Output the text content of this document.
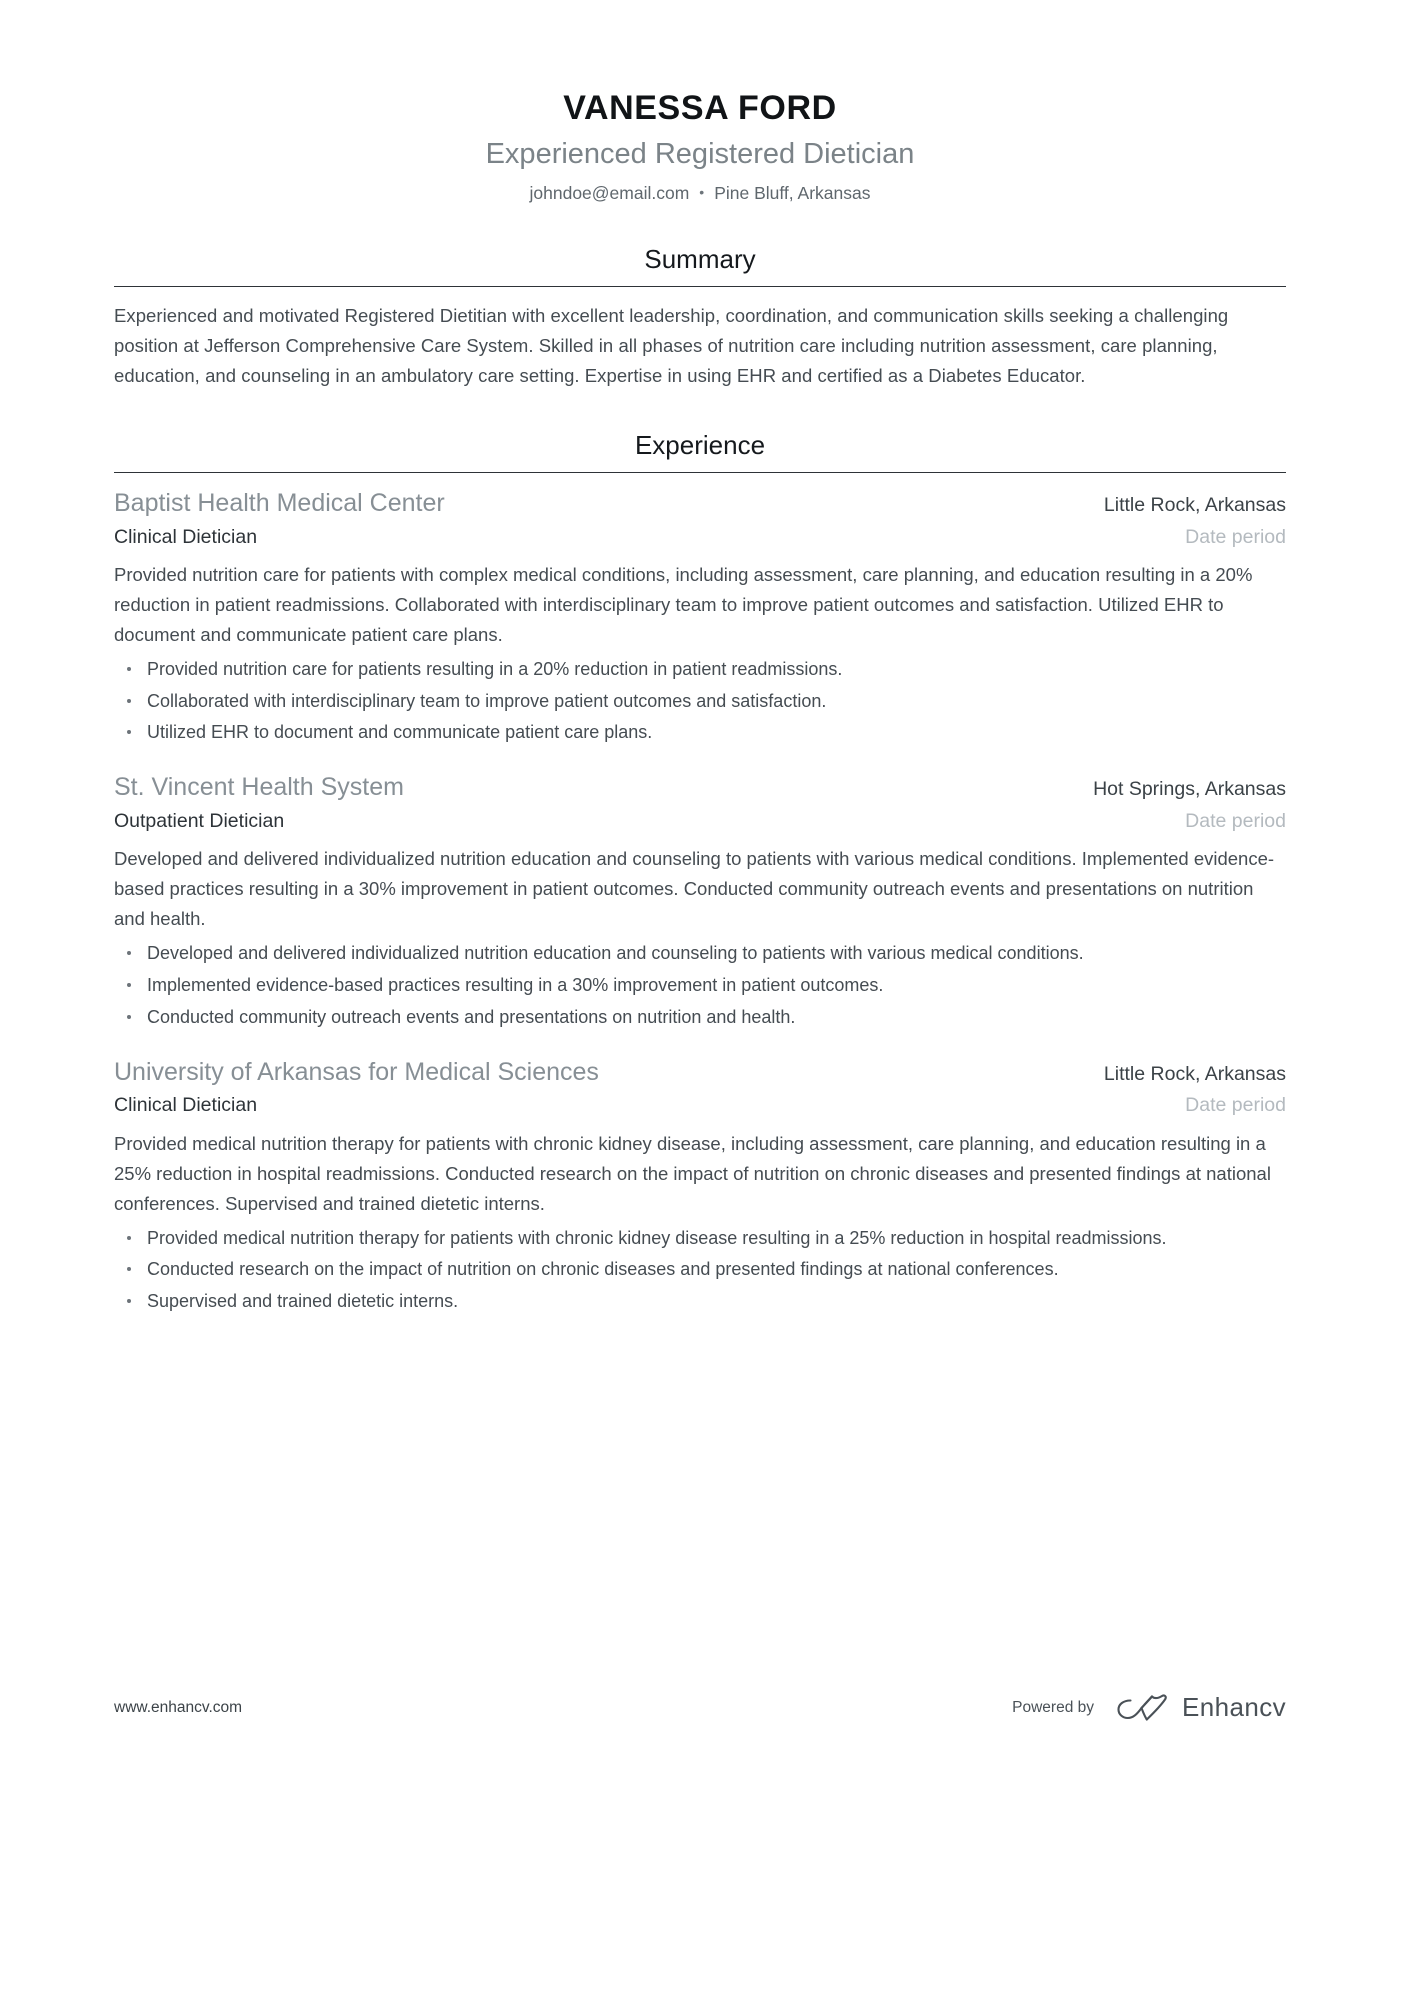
VANESSA FORD
Experienced Registered Dietician
johndoe@email.com • Pine Bluff, Arkansas
Summary

Experienced and motivated Registered Dietitian with excellent leadership, coordination, and communication skills seeking a challenging position at Jefferson Comprehensive Care System. Skilled in all phases of nutrition care including nutrition assessment, care planning, education, and counseling in an ambulatory care setting. Expertise in using EHR and certified as a Diabetes Educator.

Experience
Baptist Health Medical Center	Little Rock, Arkansas
Clinical Dietician	Date period

Provided nutrition care for patients with complex medical conditions, including assessment, care planning, and education resulting in a 20% reduction in patient readmissions. Collaborated with interdisciplinary team to improve patient outcomes and satisfaction. Utilized EHR to document and communicate patient care plans.

Provided nutrition care for patients resulting in a 20% reduction in patient readmissions.
Collaborated with interdisciplinary team to improve patient outcomes and satisfaction.
Utilized EHR to document and communicate patient care plans.
St. Vincent Health System	Hot Springs, Arkansas
Outpatient Dietician	Date period

Developed and delivered individualized nutrition education and counseling to patients with various medical conditions. Implemented evidence-based practices resulting in a 30% improvement in patient outcomes. Conducted community outreach events and presentations on nutrition and health.

Developed and delivered individualized nutrition education and counseling to patients with various medical conditions.
Implemented evidence-based practices resulting in a 30% improvement in patient outcomes.
Conducted community outreach events and presentations on nutrition and health.
University of Arkansas for Medical Sciences	Little Rock, Arkansas
Clinical Dietician	Date period

Provided medical nutrition therapy for patients with chronic kidney disease, including assessment, care planning, and education resulting in a 25% reduction in hospital readmissions. Conducted research on the impact of nutrition on chronic diseases and presented findings at national conferences. Supervised and trained dietetic interns.

Provided medical nutrition therapy for patients with chronic kidney disease resulting in a 25% reduction in hospital readmissions.
Conducted research on the impact of nutrition on chronic diseases and presented findings at national conferences.
Supervised and trained dietetic interns.
www.enhancv.com	Powered by	Enhancv
